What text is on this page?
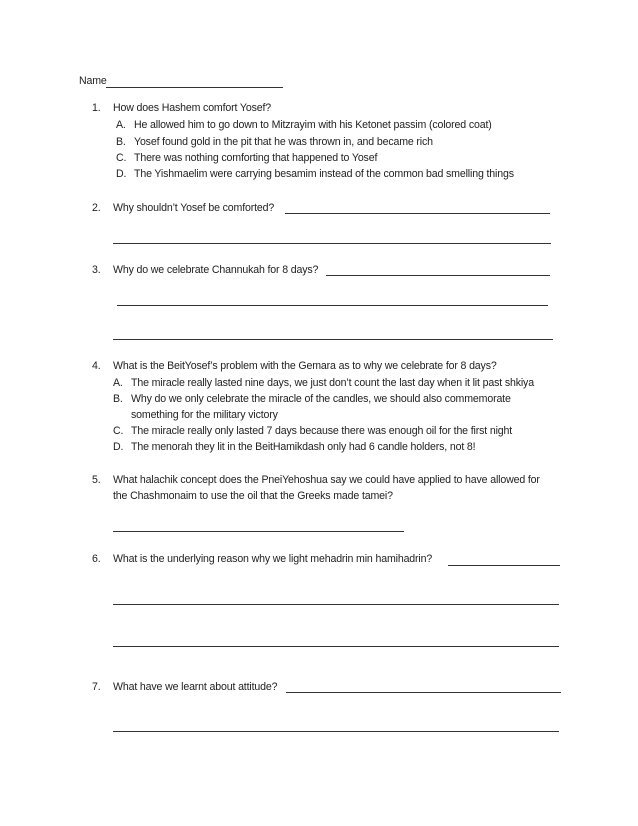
Name
1. How does Hashem comfort Yosef?
A. He allowed him to go down to Mitzrayim with his Ketonet passim (colored coat)
B. Yosef found gold in the pit that he was thrown in, and became rich
C. There was nothing comforting that happened to Yosef
D. The Yishmaelim were carrying besamim instead of the common bad smelling things
2. Why shouldn’t Yosef be comforted?
3. Why do we celebrate Channukah for 8 days?
4. What is the BeitYosef’s problem with the Gemara as to why we celebrate for 8 days?
A. The miracle really lasted nine days, we just don’t count the last day when it lit past shkiya
B. Why do we only celebrate the miracle of the candles, we should also commemorate
something for the military victory
C. The miracle really only lasted 7 days because there was enough oil for the first night
D. The menorah they lit in the BeitHamikdash only had 6 candle holders, not 8!
5. What halachik concept does the PneiYehoshua say we could have applied to have allowed for
the Chashmonaim to use the oil that the Greeks made tamei?
6. What is the underlying reason why we light mehadrin min hamihadrin?
7. What have we learnt about attitude?
